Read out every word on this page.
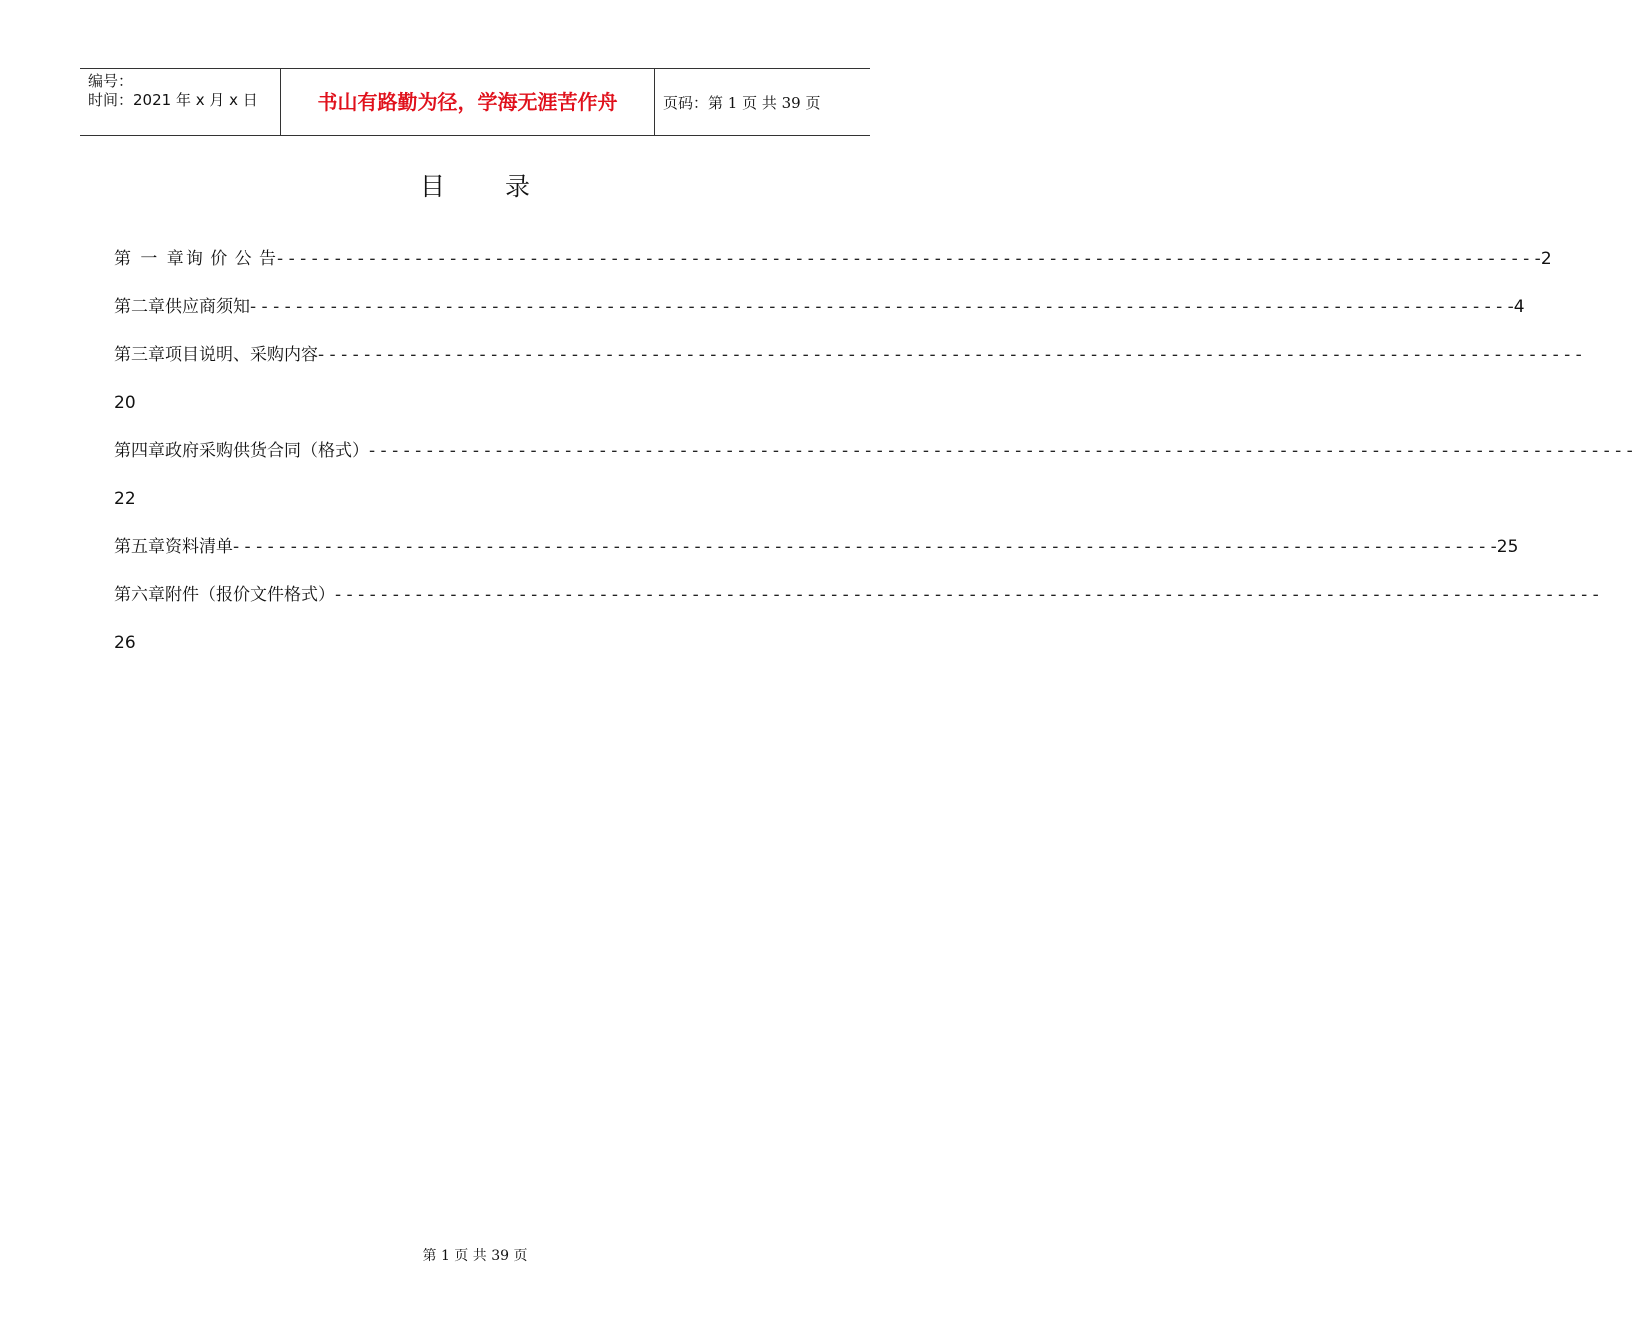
编号：
时间：2021 年 x 月 x 日	书山有路勤为径，学海无涯苦作舟	页码：第 1 页 共 39 页
目录
第 一 章 询 价 公 告 - - - - - - - - - - - - - - - - - - - - - - - - - - - - - - - - - - - - - - - - - - - - - - - - - - - - - - - - - - - - - - - - - - - - - - - - - - - - - - - - - - - - - - - - - - - - - - - - - - - - - - - - - - - - - - 2
第二章 供应商须知 - - - - - - - - - - - - - - - - - - - - - - - - - - - - - - - - - - - - - - - - - - - - - - - - - - - - - - - - - - - - - - - - - - - - - - - - - - - - - - - - - - - - - - - - - - - - - - - - - - - - - - - - - - - - - - 4
第三章 项目说明、采购内容 - - - - - - - - - - - - - - - - - - - - - - - - - - - - - - - - - - - - - - - - - - - - - - - - - - - - - - - - - - - - - - - - - - - - - - - - - - - - - - - - - - - - - - - - - - - - - - - - - - - - - - - - - - - - - -
20
第四章 政府采购供货合同（格式） - - - - - - - - - - - - - - - - - - - - - - - - - - - - - - - - - - - - - - - - - - - - - - - - - - - - - - - - - - - - - - - - - - - - - - - - - - - - - - - - - - - - - - - - - - - - - - - - - - - - - - - - - - - - - -
22
第五章 资料清单 - - - - - - - - - - - - - - - - - - - - - - - - - - - - - - - - - - - - - - - - - - - - - - - - - - - - - - - - - - - - - - - - - - - - - - - - - - - - - - - - - - - - - - - - - - - - - - - - - - - - - - - - - - - - - - 25
第六章 附件（报价文件格式） - - - - - - - - - - - - - - - - - - - - - - - - - - - - - - - - - - - - - - - - - - - - - - - - - - - - - - - - - - - - - - - - - - - - - - - - - - - - - - - - - - - - - - - - - - - - - - - - - - - - - - - - - - - - - -
26
第 1 页 共 39 页
